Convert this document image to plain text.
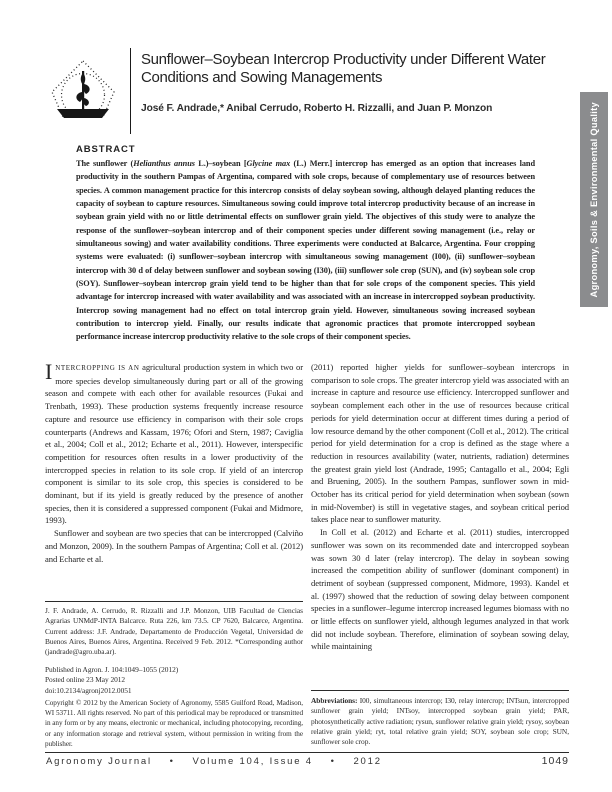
Sunflower–Soybean Intercrop Productivity under Different Water Conditions and Sowing Managements
José F. Andrade,* Anibal Cerrudo, Roberto H. Rizzalli, and Juan P. Monzon	Agronomy, Soils & Environmental Quality
ABSTRACT
The sunflower (Helianthus annus L.)–soybean [Glycine max (L.) Merr.] intercrop has emerged as an option that increases land productivity in the southern Pampas of Argentina, compared with sole crops, because of complementary use of resources between species. A common management practice for this intercrop consists of delay soybean sowing, although delayed planting reduces the capacity of soybean to capture resources. Simultaneous sowing could improve total intercrop productivity because of an increase in soybean grain yield with no or little detrimental effects on sunflower grain yield. The objectives of this study were to analyze the response of the sunflower–soybean intercrop and of their component species under different sowing management (i.e., relay or simultaneous sowing) and water availability conditions. Three experiments were conducted at Balcarce, Argentina. Four cropping systems were evaluated: (i) sunflower–soybean intercrop with simultaneous sowing management (I00), (ii) sunflower–soybean intercrop with 30 d of delay between sunflower and soybean sowing (I30), (iii) sunflower sole crop (SUN), and (iv) soybean sole crop (SOY). Sunflower–soybean intercrop grain yield tend to be higher than that for sole crops of the component species. This yield advantage for intercrop increased with water availability and was associated with an increase in intercropped soybean productivity. Intercrop sowing management had no effect on total intercrop grain yield. However, simultaneous sowing increased soybean contribution to intercrop yield. Finally, our results indicate that agronomic practices that promote intercropped soybean performance increase intercrop productivity relative to the sole crops of their component species.

INTERCROPPING IS AN agricultural production system in which two or more species develop simultaneously during part or all of the growing season and compete with each other for available resources (Fukai and Trenbath, 1993). These production systems frequently increase resource capture and resource use efficiency in comparison with their sole crops counterparts (Andrews and Kassam, 1976; Ofori and Stern, 1987; Caviglia et al., 2004; Coll et al., 2012; Echarte et al., 2011). However, interspecific competition for resources often results in a lower productivity of the intercropped species in relation to its sole crop. If yield of an intercrop component is similar to its sole crop, this species is considered to be dominant, but if its yield is greatly reduced by the presence of another species, then it is considered a suppressed component (Fukai and Midmore, 1993).

Sunflower and soybean are two species that can be intercropped (Calviño and Monzon, 2009). In the southern Pampas of Argentina; Coll et al. (2012) and Echarte et al.

(2011) reported higher yields for sunflower–soybean intercrops in comparison to sole crops. The greater intercrop yield was associated with an increase in capture and resource use efficiency. Intercropped sunflower and soybean complement each other in the use of resources because critical periods for yield determination occur at different times during a period of low resource demand by the other component (Coll et al., 2012). The critical period for yield determination for a crop is defined as the stage where a reduction in resources availability (water, nutrients, radiation) determines the greatest grain yield lost (Andrade, 1995; Cantagallo et al., 2004; Egli and Bruening, 2005). In the southern Pampas, sunflower sown in mid-October has its critical period for yield determination when soybean (sown in mid-November) is still in vegetative stages, and soybean critical period takes place near to sunflower maturity.

In Coll et al. (2012) and Echarte et al. (2011) studies, intercropped sunflower was sown on its recommended date and intercropped soybean was sown 30 d later (relay intercrop). The delay in soybean sowing increased the competition ability of sunflower (dominant component) in detriment of soybean (suppressed component, Midmore, 1993). Kandel et al. (1997) showed that the reduction of sowing delay between component species in a sunflower–legume intercrop increased legumes biomass with no or little effects on sunflower yield, although legumes analyzed in that work did not include soybean. Therefore, elimination of soybean sowing delay, while maintaining

J. F. Andrade, A. Cerrudo, R. Rizzalli and J.P. Monzon, UIB Facultad de Ciencias Agrarias UNMdP-INTA Balcarce. Ruta 226, km 73.5. CP 7620, Balcarce, Argentina. Current address: J.F. Andrade, Departamento de Producción Vegetal, Universidad de Buenos Aires, Buenos Aires, Argentina. Received 9 Feb. 2012. *Corresponding author (jandrade@agro.uba.ar).
Published in Agron. J. 104:1049–1055 (2012)
Posted online 23 May 2012
doi:10.2134/agronj2012.0051
Copyright © 2012 by the American Society of Agronomy, 5585 Guilford Road, Madison, WI 53711. All rights reserved. No part of this periodical may be reproduced or transmitted in any form or by any means, electronic or mechanical, including photocopying, recording, or any information storage and retrieval system, without permission in writing from the publisher.
Abbreviations: I00, simultaneous intercrop; I30, relay intercrop; INTsun, intercropped sunflower grain yield; INTsoy, intercropped soybean grain yield; PAR, photosynthetically active radiation; rysun, sunflower relative grain yield; rysoy, soybean relative grain yield; ryt, total relative grain yield; SOY, soybean sole crop; SUN, sunflower sole crop.
Agronomy Journal    •    Volume 104, Issue 4    •    2012	1049
